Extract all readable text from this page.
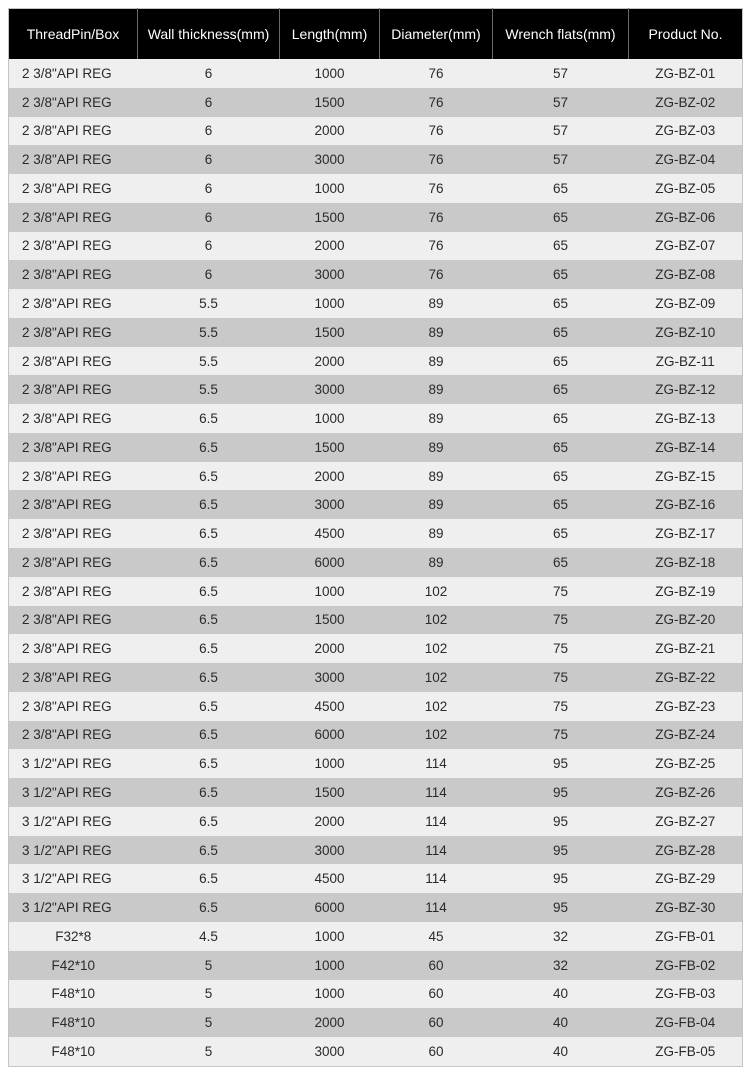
ThreadPin/Box	Wall thickness(mm)	Length(mm)	Diameter(mm)	Wrench flats(mm)	Product No.
2 3/8"API REG	6	1000	76	57	ZG-BZ-01
2 3/8"API REG	6	1500	76	57	ZG-BZ-02
2 3/8"API REG	6	2000	76	57	ZG-BZ-03
2 3/8"API REG	6	3000	76	57	ZG-BZ-04
2 3/8"API REG	6	1000	76	65	ZG-BZ-05
2 3/8"API REG	6	1500	76	65	ZG-BZ-06
2 3/8"API REG	6	2000	76	65	ZG-BZ-07
2 3/8"API REG	6	3000	76	65	ZG-BZ-08
2 3/8"API REG	5.5	1000	89	65	ZG-BZ-09
2 3/8"API REG	5.5	1500	89	65	ZG-BZ-10
2 3/8"API REG	5.5	2000	89	65	ZG-BZ-11
2 3/8"API REG	5.5	3000	89	65	ZG-BZ-12
2 3/8"API REG	6.5	1000	89	65	ZG-BZ-13
2 3/8"API REG	6.5	1500	89	65	ZG-BZ-14
2 3/8"API REG	6.5	2000	89	65	ZG-BZ-15
2 3/8"API REG	6.5	3000	89	65	ZG-BZ-16
2 3/8"API REG	6.5	4500	89	65	ZG-BZ-17
2 3/8"API REG	6.5	6000	89	65	ZG-BZ-18
2 3/8"API REG	6.5	1000	102	75	ZG-BZ-19
2 3/8"API REG	6.5	1500	102	75	ZG-BZ-20
2 3/8"API REG	6.5	2000	102	75	ZG-BZ-21
2 3/8"API REG	6.5	3000	102	75	ZG-BZ-22
2 3/8"API REG	6.5	4500	102	75	ZG-BZ-23
2 3/8"API REG	6.5	6000	102	75	ZG-BZ-24
3 1/2"API REG	6.5	1000	114	95	ZG-BZ-25
3 1/2"API REG	6.5	1500	114	95	ZG-BZ-26
3 1/2"API REG	6.5	2000	114	95	ZG-BZ-27
3 1/2"API REG	6.5	3000	114	95	ZG-BZ-28
3 1/2"API REG	6.5	4500	114	95	ZG-BZ-29
3 1/2"API REG	6.5	6000	114	95	ZG-BZ-30
F32*8	4.5	1000	45	32	ZG-FB-01
F42*10	5	1000	60	32	ZG-FB-02
F48*10	5	1000	60	40	ZG-FB-03
F48*10	5	2000	60	40	ZG-FB-04
F48*10	5	3000	60	40	ZG-FB-05
